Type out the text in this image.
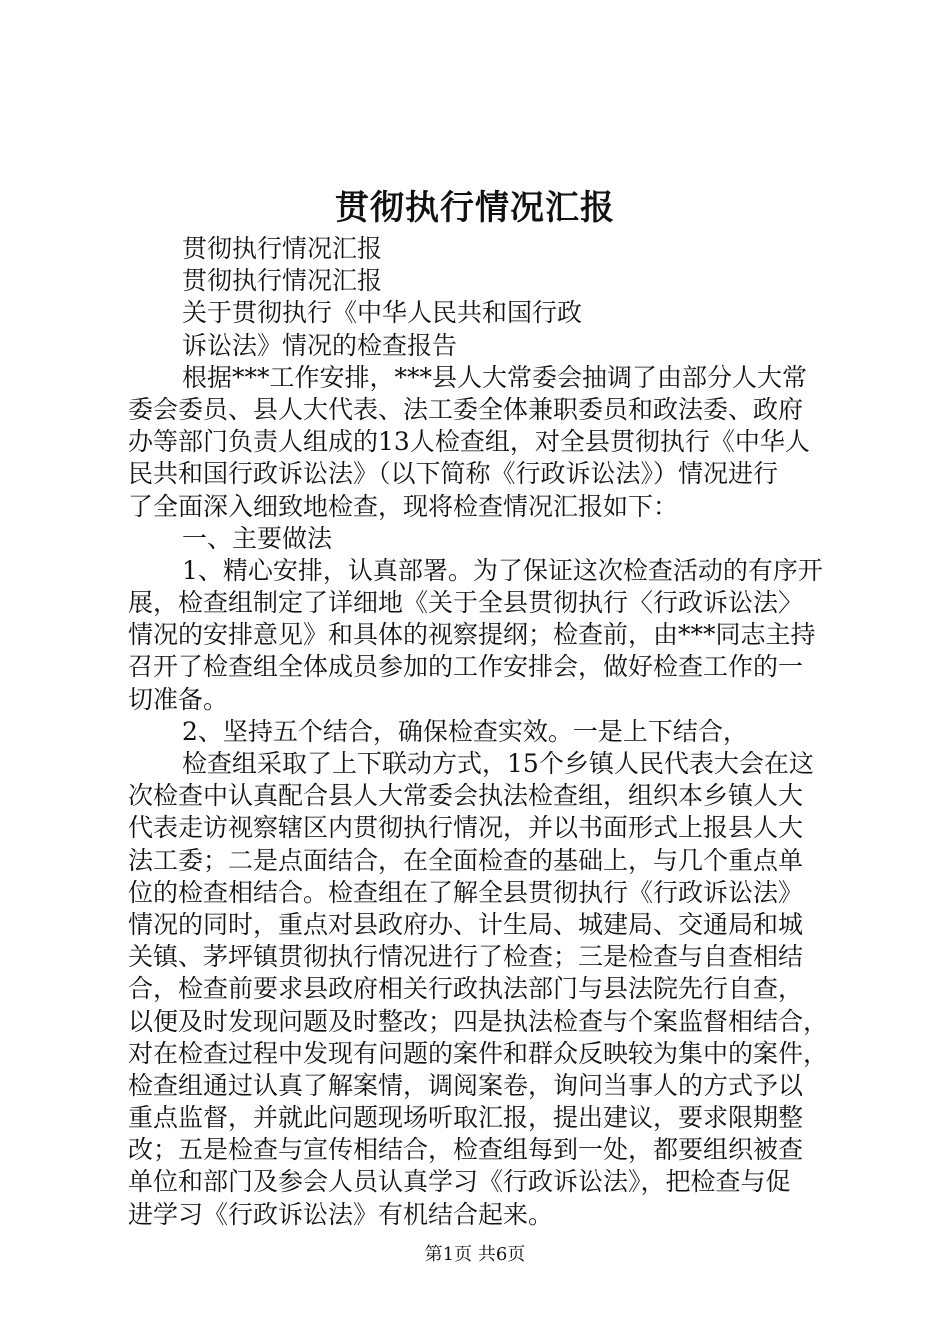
贯彻执行情况汇报
贯彻执行情况汇报
贯彻执行情况汇报
关于贯彻执行《中华人民共和国行政
诉讼法》情况的检查报告
根据***工作安排，***县人大常委会抽调了由部分人大常
委会委员、县人大代表、法工委全体兼职委员和政法委、政府
办等部门负责人组成的13人检查组，对全县贯彻执行《中华人
民共和国行政诉讼法》（以下简称《行政诉讼法》）情况进行
了全面深入细致地检查，现将检查情况汇报如下：
一、主要做法
1、精心安排，认真部署。为了保证这次检查活动的有序开
展，检查组制定了详细地《关于全县贯彻执行〈行政诉讼法〉
情况的安排意见》和具体的视察提纲；检查前，由***同志主持
召开了检查组全体成员参加的工作安排会，做好检查工作的一
切准备。
2、坚持五个结合，确保检查实效。一是上下结合，
检查组采取了上下联动方式，15个乡镇人民代表大会在这
次检查中认真配合县人大常委会执法检查组，组织本乡镇人大
代表走访视察辖区内贯彻执行情况，并以书面形式上报县人大
法工委；二是点面结合，在全面检查的基础上，与几个重点单
位的检查相结合。检查组在了解全县贯彻执行《行政诉讼法》
情况的同时，重点对县政府办、计生局、城建局、交通局和城
关镇、茅坪镇贯彻执行情况进行了检查；三是检查与自查相结
合，检查前要求县政府相关行政执法部门与县法院先行自查，
以便及时发现问题及时整改；四是执法检查与个案监督相结合，
对在检查过程中发现有问题的案件和群众反映较为集中的案件，
检查组通过认真了解案情，调阅案卷，询问当事人的方式予以
重点监督，并就此问题现场听取汇报，提出建议，要求限期整
改；五是检查与宣传相结合，检查组每到一处，都要组织被查
单位和部门及参会人员认真学习《行政诉讼法》，把检查与促
进学习《行政诉讼法》有机结合起来。
第1页 共6页
